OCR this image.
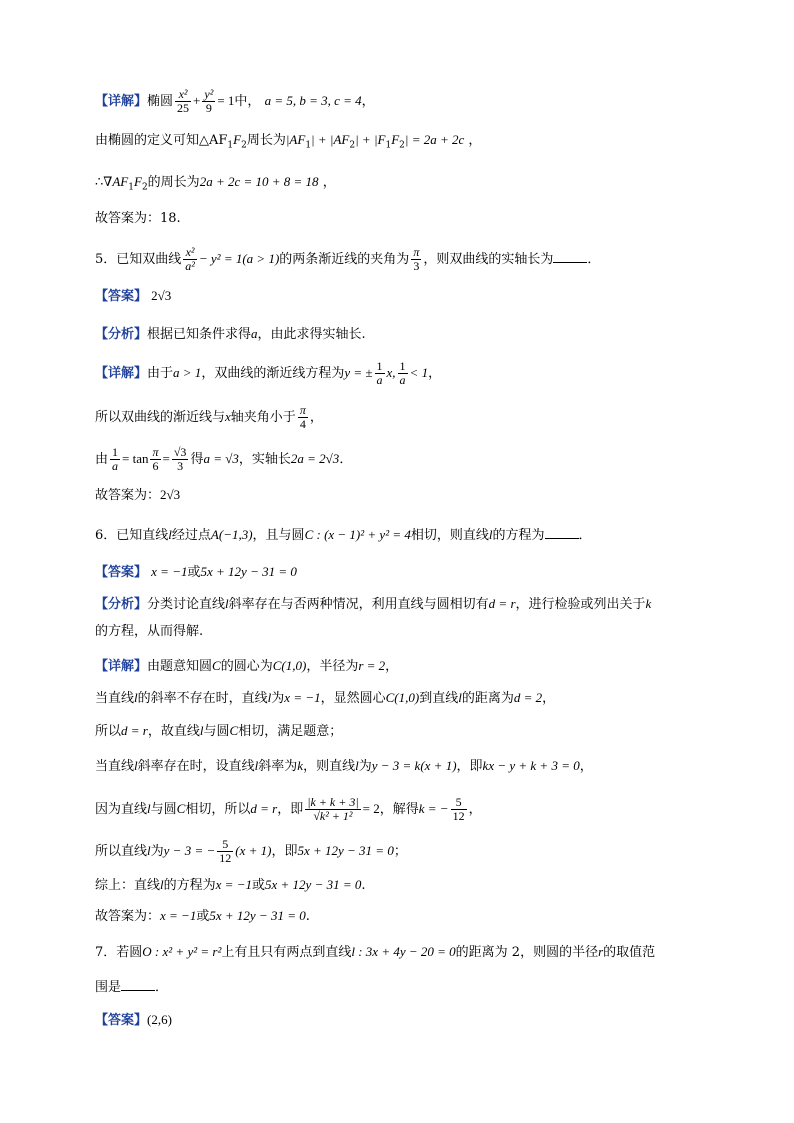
【详解】椭圆 $\frac{\text{x²}}{25} + \frac{\text{y²}}{9} = 1$中， a = 5, b = 3, c = 4，
由椭圆的定义可知$\triangle AF_1F_2$周长为$|AF_1| + |AF_2| + |F_1F_2| = 2a + 2c$ ，
$\therefore\nabla AF_1F_2$的周长为2a + 2c = 10 + 8 = 18 ，
故答案为：18.
5．已知双曲线 $\frac{\text{x²}}{\text{a²}} - y^2 = 1(a > 1)$的两条渐近线的夹角为 $\frac{\pi}{3}$ ，则双曲线的实轴长为	．
【答案】 2√3
【分析】根据已知条件求得a，由此求得实轴长.
【详解】由于a > 1，双曲线的渐近线方程为y = ± $\frac{1}{a} x$, $\frac{1}{a} < 1$，
所以双曲线的渐近线与x轴夹角小于 $\frac{\pi}{4}$ ，
由 $\frac{1}{a} = \tan \frac{\pi}{6} = \frac{√3}{3}$ 得a = √3，实轴长2a = 2√3．
故答案为：2√3
6．已知直线l经过点A(−1,3)，且与圆C : (x − 1)² + y² = 4相切，则直线l的方程为	．
【答案】 x = −1或5x + 12y − 31 = 0
【分析】分类讨论直线l斜率存在与否两种情况，利用直线与圆相切有d = r，进行检验或列出关于k
的方程，从而得解.
【详解】由题意知圆C的圆心为C(1,0)，半径为r = 2，
当直线l的斜率不存在时，直线l为x = −1，显然圆心C(1,0)到直线l的距离为d = 2，
所以d = r，故直线l与圆C相切，满足题意；
当直线l斜率存在时，设直线l斜率为k，则直线l为y − 3 = k(x + 1)，即kx − y + k + 3 = 0，
因为直线l与圆C相切，所以d = r，即 $\frac{|k + k + 3|}{\text{√k² + 1²}} = 2$，解得k = − $\frac{5}{12}$ ，
所以直线l为y − 3 = − $\frac{5}{12} (x + 1)$，即5x + 12y − 31 = 0；
综上：直线l的方程为x = −1或5x + 12y − 31 = 0.
故答案为：x = −1或5x + 12y − 31 = 0.
7．若圆O : x² + y² = r²上有且只有两点到直线l : 3x + 4y − 20 = 0的距离为 2，则圆的半径r的取值范
围是	．
【答案】(2,6)
